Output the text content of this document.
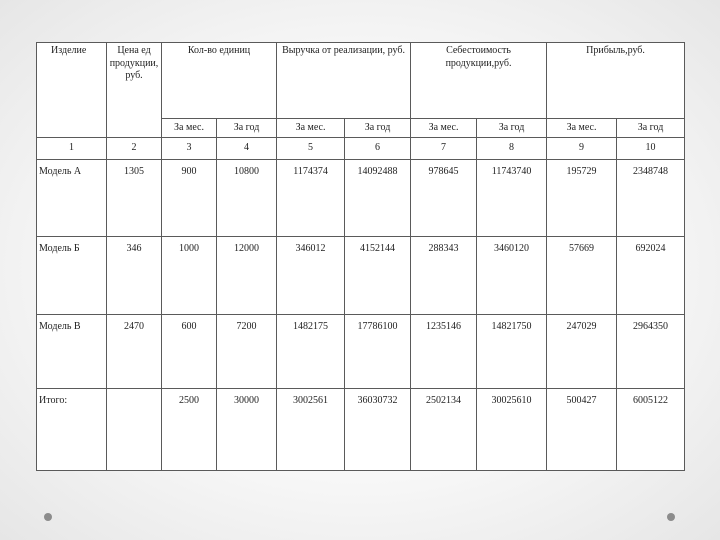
Изделие	Цена ед продукции, руб.	Кол-во единиц		Выручка от реализации, руб.		Себестоимость продукции,руб.		Прибыль,руб.	
		За мес.	За год	За мес.	За год	За мес.	За год	За мес.	За год
1	2	3	4	5	6	7	8	9	10
Модель А	1305	900	10800	1174374	14092488	978645	11743740	195729	2348748
Модель Б	346	1000	12000	346012	4152144	288343	3460120	57669	692024
Модель В	2470	600	7200	1482175	17786100	1235146	14821750	247029	2964350
Итого:		2500	30000	3002561	36030732	2502134	30025610	500427	6005122
